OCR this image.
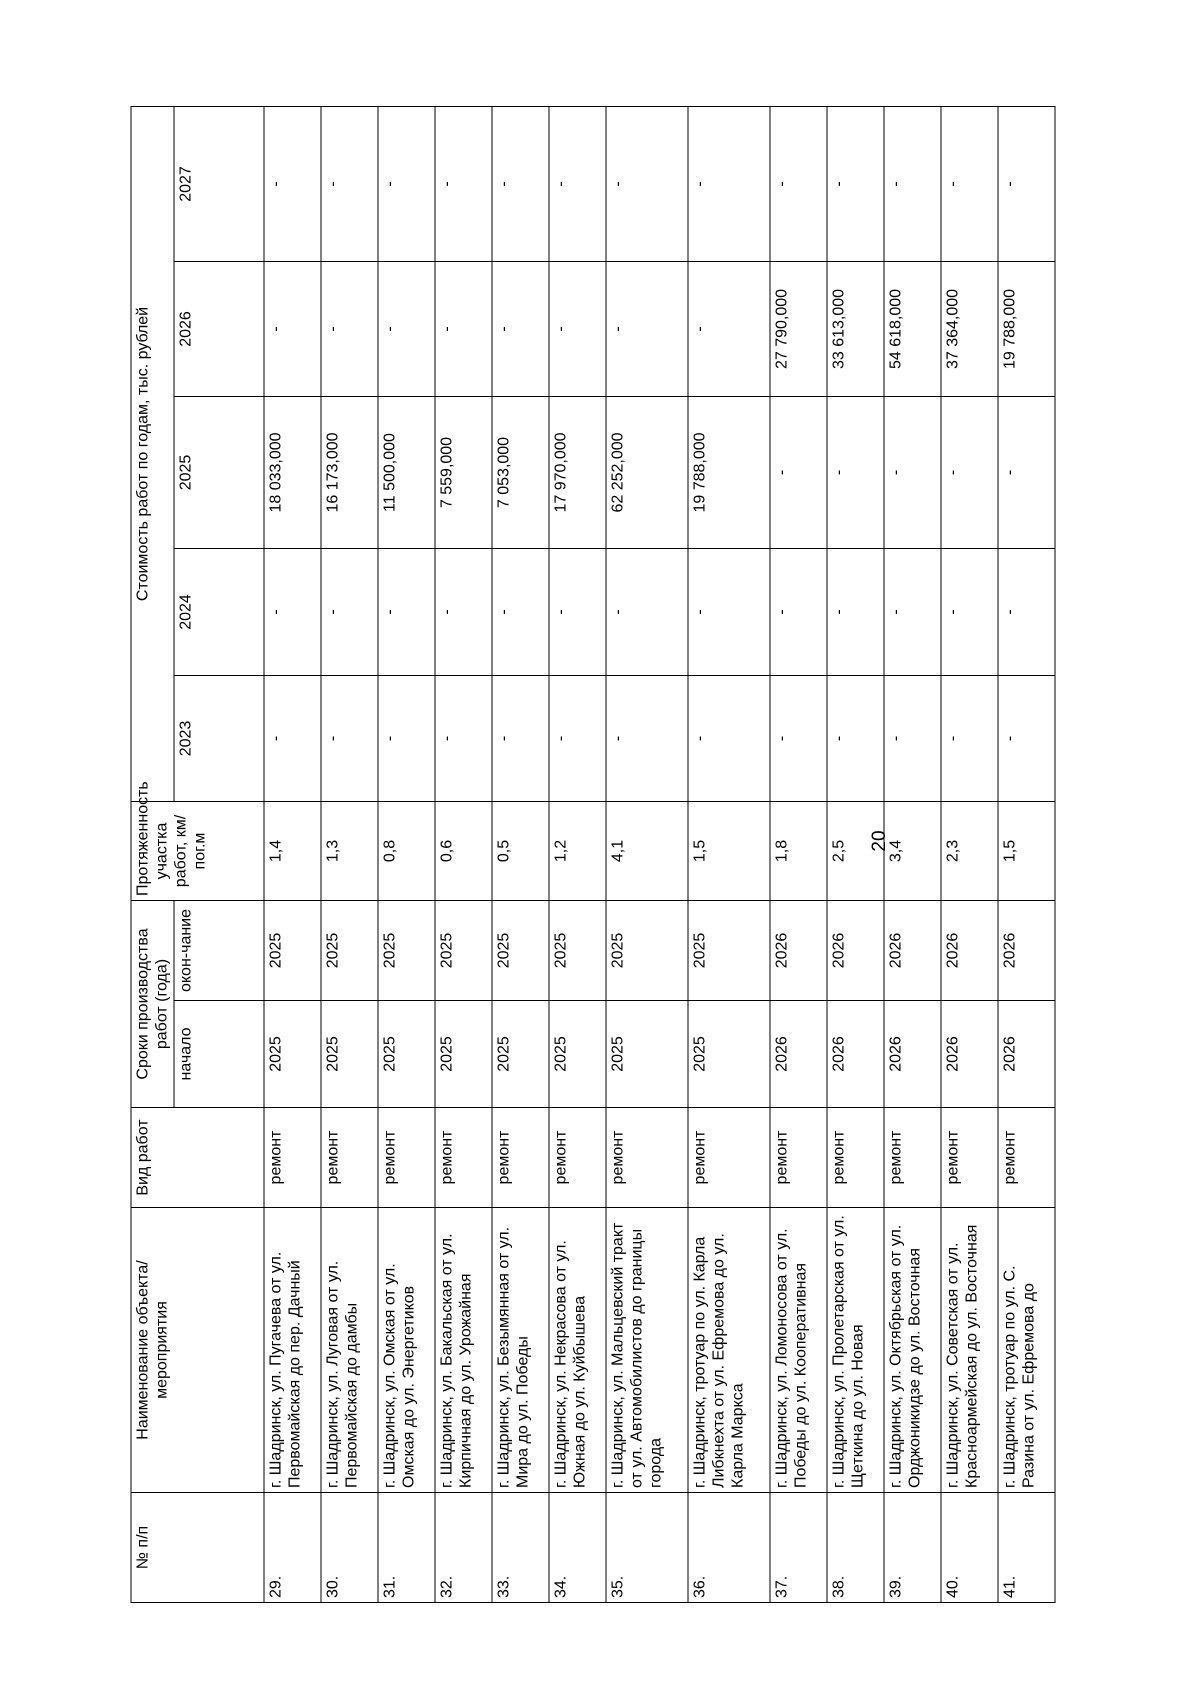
20
№ п/п	Наименование объекта/ мероприятия	Вид работ	Сроки производства работ (года)		Протяженность участка работ, км/пог.м	Стоимость работ по годам, тыс. рублей				
			начало	окон-чание		2023	2024	2025	2026	2027
29.	г. Шадринск, ул. Пугачева от ул. Первомайская до пер. Дачный	ремонт	2025	2025	1,4	-	-	18 033,000	-	-
30.	г. Шадринск, ул. Луговая от ул. Первомайская до дамбы	ремонт	2025	2025	1,3	-	-	16 173,000	-	-
31.	г. Шадринск, ул. Омская от ул. Омская до ул. Энергетиков	ремонт	2025	2025	0,8	-	-	11 500,000	-	-
32.	г. Шадринск, ул. Бакальская от ул. Кирпичная до ул. Урожайная	ремонт	2025	2025	0,6	-	-	7 559,000	-	-
33.	г. Шадринск, ул. Безымянная от ул. Мира до ул. Победы	ремонт	2025	2025	0,5	-	-	7 053,000	-	-
34.	г. Шадринск, ул. Некрасова от ул. Южная до ул. Куйбышева	ремонт	2025	2025	1,2	-	-	17 970,000	-	-
35.	г. Шадринск, ул. Мальцевский тракт от ул. Автомобилистов до границы города	ремонт	2025	2025	4,1	-	-	62 252,000	-	-
36.	г. Шадринск, тротуар по ул. Карла Либкнехта от ул. Ефремова до ул. Карла Маркса	ремонт	2025	2025	1,5	-	-	19 788,000	-	-
37.	г. Шадринск, ул. Ломоносова от ул. Победы до ул. Кооперативная	ремонт	2026	2026	1,8	-	-	-	27 790,000	-
38.	г. Шадринск, ул. Пролетарская от ул. Щеткина до ул. Новая	ремонт	2026	2026	2,5	-	-	-	33 613,000	-
39.	г. Шадринск, ул. Октябрьская от ул. Орджоникидзе до ул. Восточная	ремонт	2026	2026	3,4	-	-	-	54 618,000	-
40.	г. Шадринск, ул. Советская от ул. Красноармейская до ул. Восточная	ремонт	2026	2026	2,3	-	-	-	37 364,000	-
41.	г. Шадринск, тротуар по ул. С. Разина от ул. Ефремова до	ремонт	2026	2026	1,5	-	-	-	19 788,000	-
